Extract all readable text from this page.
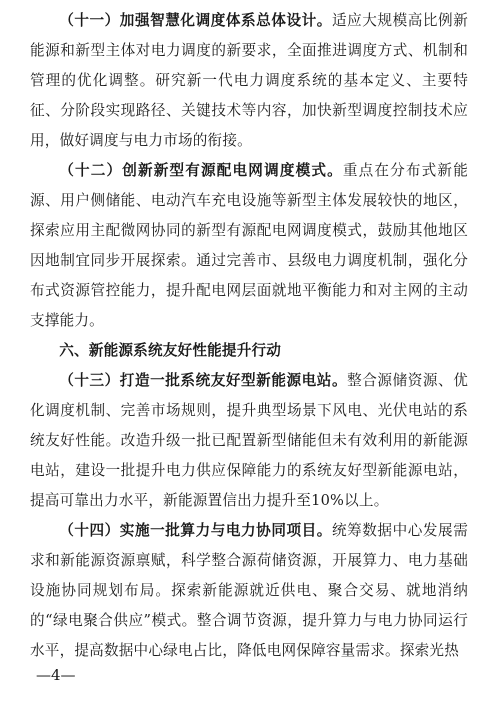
（十一）加强智慧化调度体系总体设计。适应大规模高比例新能源和新型主体对电力调度的新要求，全面推进调度方式、机制和管理的优化调整。研究新一代电力调度系统的基本定义、主要特征、分阶段实现路径、关键技术等内容，加快新型调度控制技术应用，做好调度与电力市场的衔接。

（十二）创新新型有源配电网调度模式。重点在分布式新能源、用户侧储能、电动汽车充电设施等新型主体发展较快的地区，探索应用主配微网协同的新型有源配电网调度模式，鼓励其他地区因地制宜同步开展探索。通过完善市、县级电力调度机制，强化分布式资源管控能力，提升配电网层面就地平衡能力和对主网的主动支撑能力。

六、新能源系统友好性能提升行动

（十三）打造一批系统友好型新能源电站。整合源储资源、优化调度机制、完善市场规则，提升典型场景下风电、光伏电站的系统友好性能。改造升级一批已配置新型储能但未有效利用的新能源电站，建设一批提升电力供应保障能力的系统友好型新能源电站，提高可靠出力水平，新能源置信出力提升至10%以上。

（十四）实施一批算力与电力协同项目。统筹数据中心发展需求和新能源资源禀赋，科学整合源荷储资源，开展算力、电力基础设施协同规划布局。探索新能源就近供电、聚合交易、就地消纳的“绿电聚合供应”模式。整合调节资源，提升算力与电力协同运行水平，提高数据中心绿电占比，降低电网保障容量需求。探索光热

—4—
